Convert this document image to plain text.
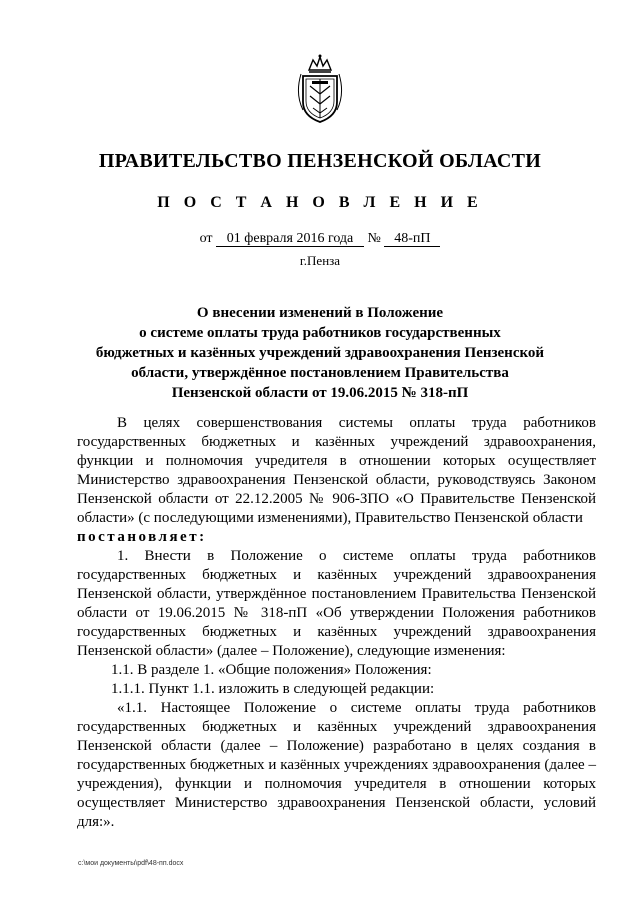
ПРАВИТЕЛЬСТВО ПЕНЗЕНСКОЙ ОБЛАСТИ
П О С Т А Н О В Л Е Н И Е
от 01 февраля 2016 года № 48-пП
г.Пенза
О внесении изменений в Положение
о системе оплаты труда работников государственных
бюджетных и казённых учреждений здравоохранения Пензенской
области, утверждённое постановлением Правительства
Пензенской области от 19.06.2015 № 318-пП

В целях совершенствования системы оплаты труда работников государственных бюджетных и казённых учреждений здравоохранения, функции и полномочия учредителя в отношении которых осуществляет Министерство здравоохранения Пензенской области, руководствуясь Законом Пензенской области от 22.12.2005 № 906-ЗПО «О Правительстве Пензенской области» (с последующими изменениями), Правительство Пензенской области

постановляет:

1. Внести в Положение о системе оплаты труда работников государственных бюджетных и казённых учреждений здравоохранения Пензенской области, утверждённое постановлением Правительства Пензенской области от 19.06.2015 № 318-пП «Об утверждении Положения работников государственных бюджетных и казённых учреждений здравоохранения Пензенской области» (далее – Положение), следующие изменения:

1.1. В разделе 1. «Общие положения» Положения:

1.1.1. Пункт 1.1. изложить в следующей редакции:

«1.1. Настоящее Положение о системе оплаты труда работников государственных бюджетных и казённых учреждений здравоохранения Пензенской области (далее – Положение) разработано в целях создания в государственных бюджетных и казённых учреждениях здравоохранения (далее – учреждения), функции и полномочия учредителя в отношении которых осуществляет Министерство здравоохранения Пензенской области, условий для:».

c:\мои документы\pdf\48-пп.docx
